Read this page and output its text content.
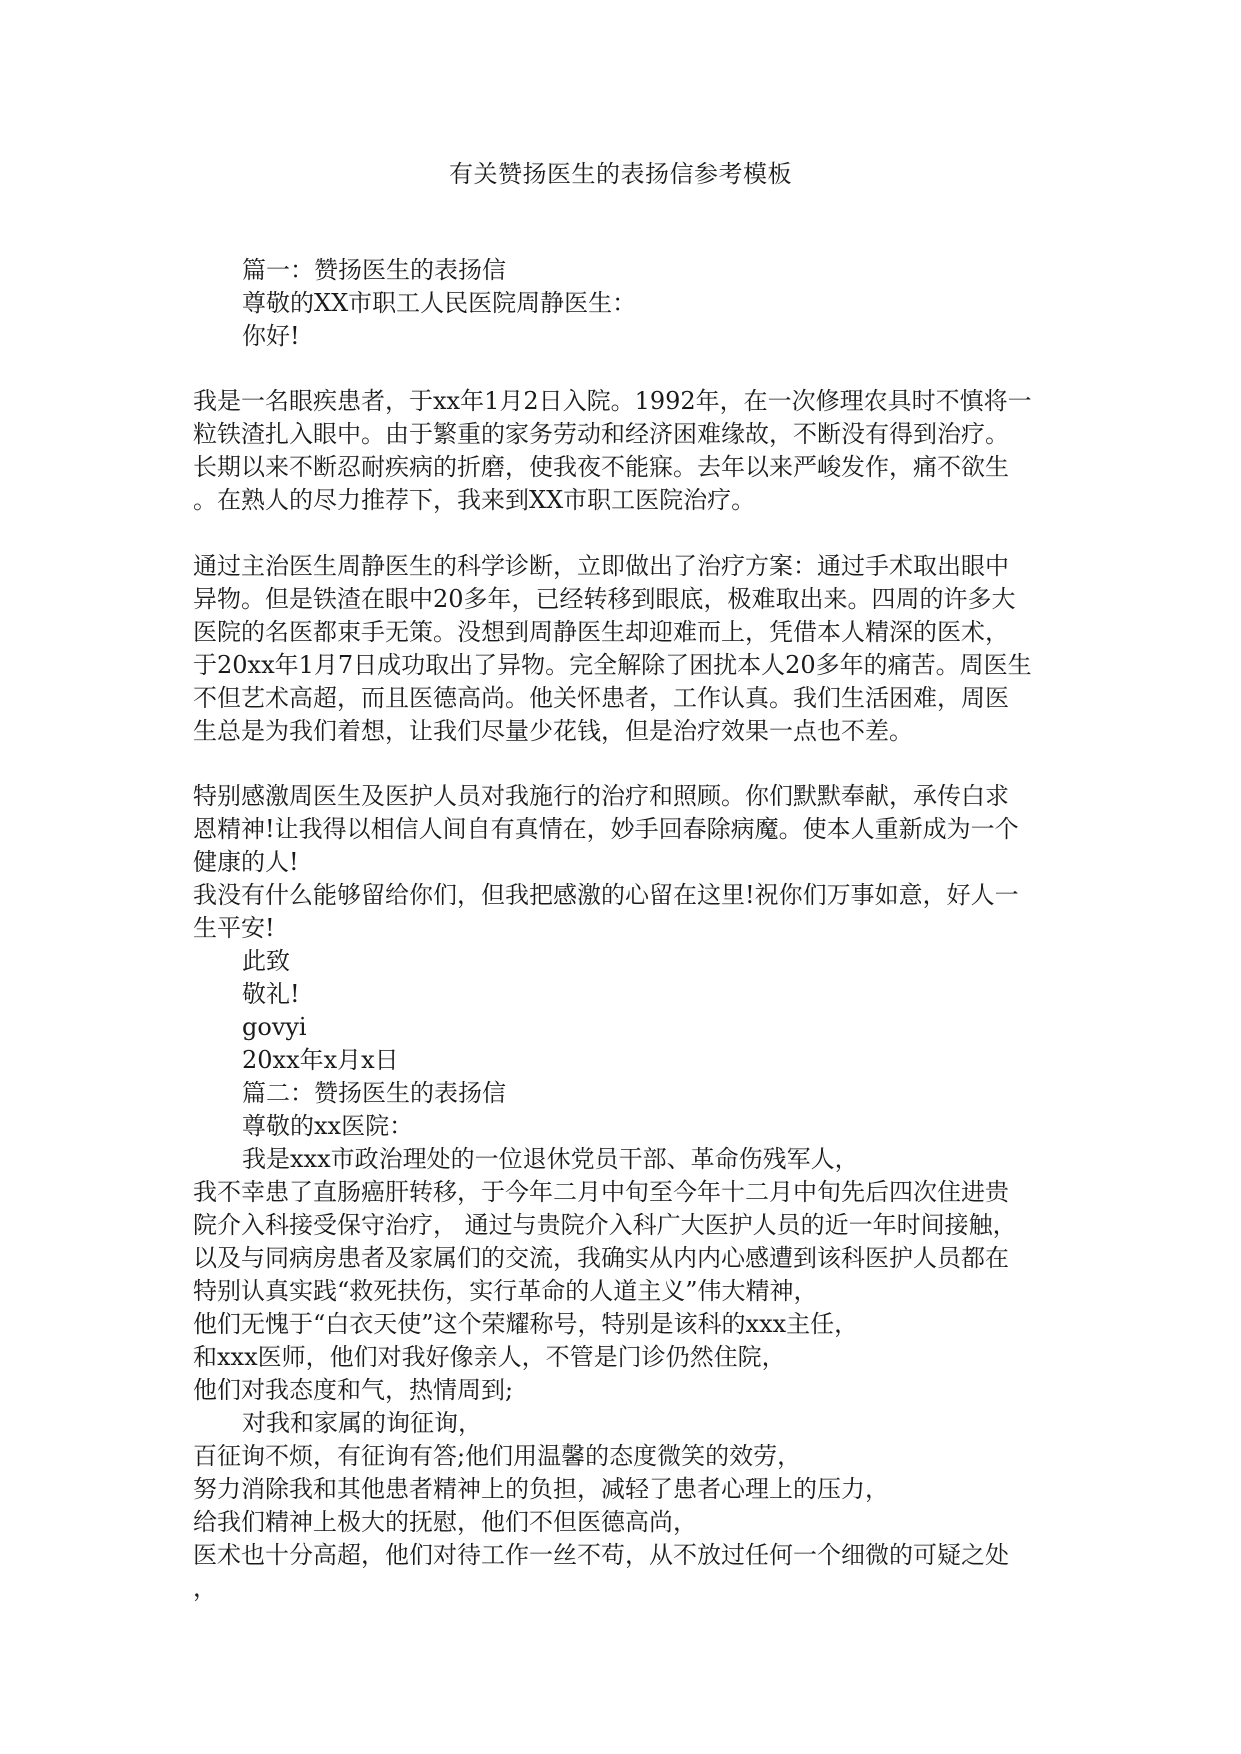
有关赞扬医生的表扬信参考模板
篇一：赞扬医生的表扬信
尊敬的XX市职工人民医院周静医生：
你好!
我是一名眼疾患者，于xx年1月2日入院。1992年，在一次修理农具时不慎将一
粒铁渣扎入眼中。由于繁重的家务劳动和经济困难缘故，不断没有得到治疗。
长期以来不断忍耐疾病的折磨，使我夜不能寐。去年以来严峻发作，痛不欲生
。在熟人的尽力推荐下，我来到XX市职工医院治疗。
通过主治医生周静医生的科学诊断，立即做出了治疗方案：通过手术取出眼中
异物。但是铁渣在眼中20多年，已经转移到眼底，极难取出来。四周的许多大
医院的名医都束手无策。没想到周静医生却迎难而上，凭借本人精深的医术，
于20xx年1月7日成功取出了异物。完全解除了困扰本人20多年的痛苦。周医生
不但艺术高超，而且医德高尚。他关怀患者，工作认真。我们生活困难，周医
生总是为我们着想，让我们尽量少花钱，但是治疗效果一点也不差。
特别感激周医生及医护人员对我施行的治疗和照顾。你们默默奉献，承传白求
恩精神!让我得以相信人间自有真情在，妙手回春除病魔。使本人重新成为一个
健康的人!
我没有什么能够留给你们，但我把感激的心留在这里!祝你们万事如意，好人一
生平安!
此致
敬礼!
govyi
20xx年x月x日
篇二：赞扬医生的表扬信
尊敬的xx医院：
我是xxx市政治理处的一位退休党员干部、革命伤残军人，
我不幸患了直肠癌肝转移，于今年二月中旬至今年十二月中旬先后四次住进贵
院介入科接受保守治疗， 通过与贵院介入科广大医护人员的近一年时间接触，
以及与同病房患者及家属们的交流，我确实从内内心感遭到该科医护人员都在
特别认真实践“救死扶伤，实行革命的人道主义”伟大精神，
他们无愧于“白衣天使”这个荣耀称号，特别是该科的xxx主任，
和xxx医师，他们对我好像亲人，不管是门诊仍然住院，
他们对我态度和气，热情周到;
对我和家属的询征询，
百征询不烦，有征询有答;他们用温馨的态度微笑的效劳，
努力消除我和其他患者精神上的负担，减轻了患者心理上的压力，
给我们精神上极大的抚慰，他们不但医德高尚，
医术也十分高超，他们对待工作一丝不苟，从不放过任何一个细微的可疑之处
，
